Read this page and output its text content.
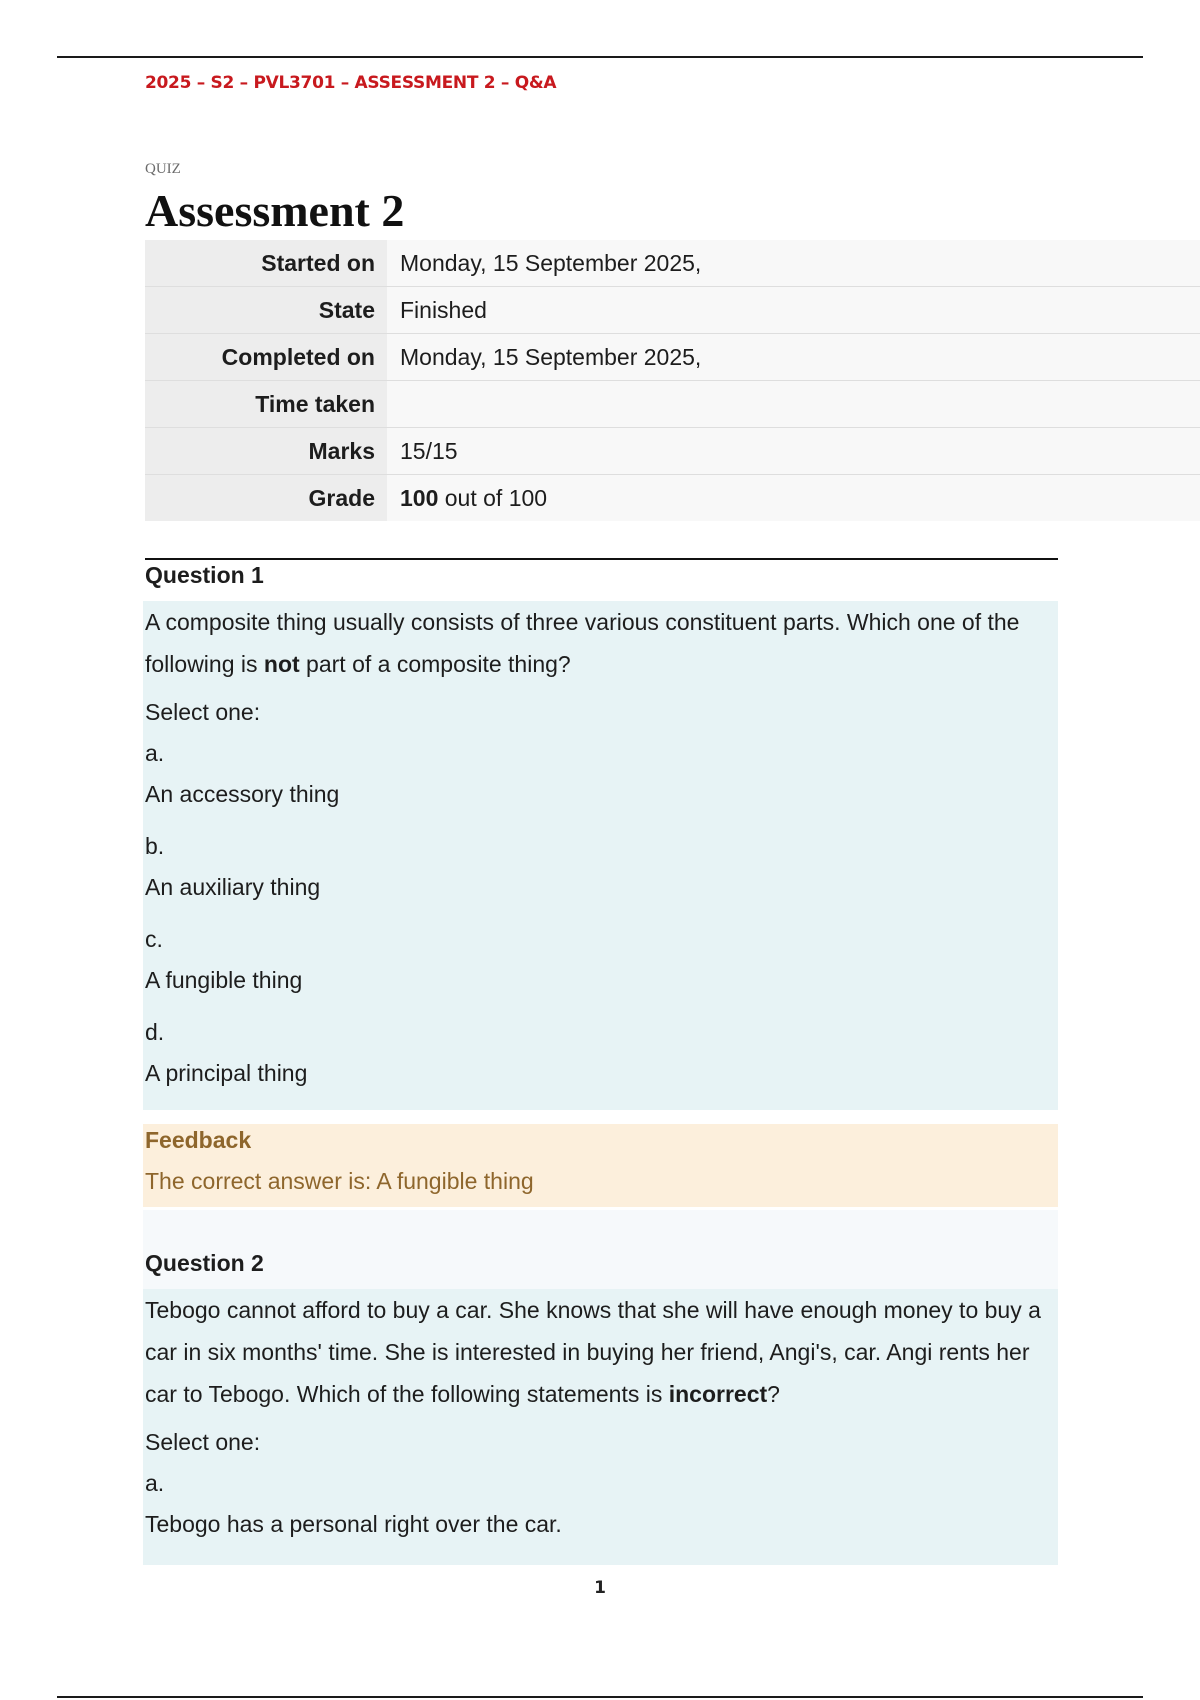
2025 – S2 – PVL3701 – ASSESSMENT 2 – Q&A
QUIZ
Assessment 2
Started on	Monday, 15 September 2025,
State	Finished
Completed on	Monday, 15 September 2025,
Time taken	
Marks	15/15
Grade	100 out of 100
Question 1

A composite thing usually consists of three various constituent parts. Which one of the following is not part of a composite thing?

Select one:

a.

An accessory thing

b.

An auxiliary thing

c.

A fungible thing

d.

A principal thing

Feedback
The correct answer is: A fungible thing
Question 2

Tebogo cannot afford to buy a car. She knows that she will have enough money to buy a car in six months' time. She is interested in buying her friend, Angi's, car. Angi rents her car to Tebogo. Which of the following statements is incorrect?

Select one:

a.

Tebogo has a personal right over the car.

1
